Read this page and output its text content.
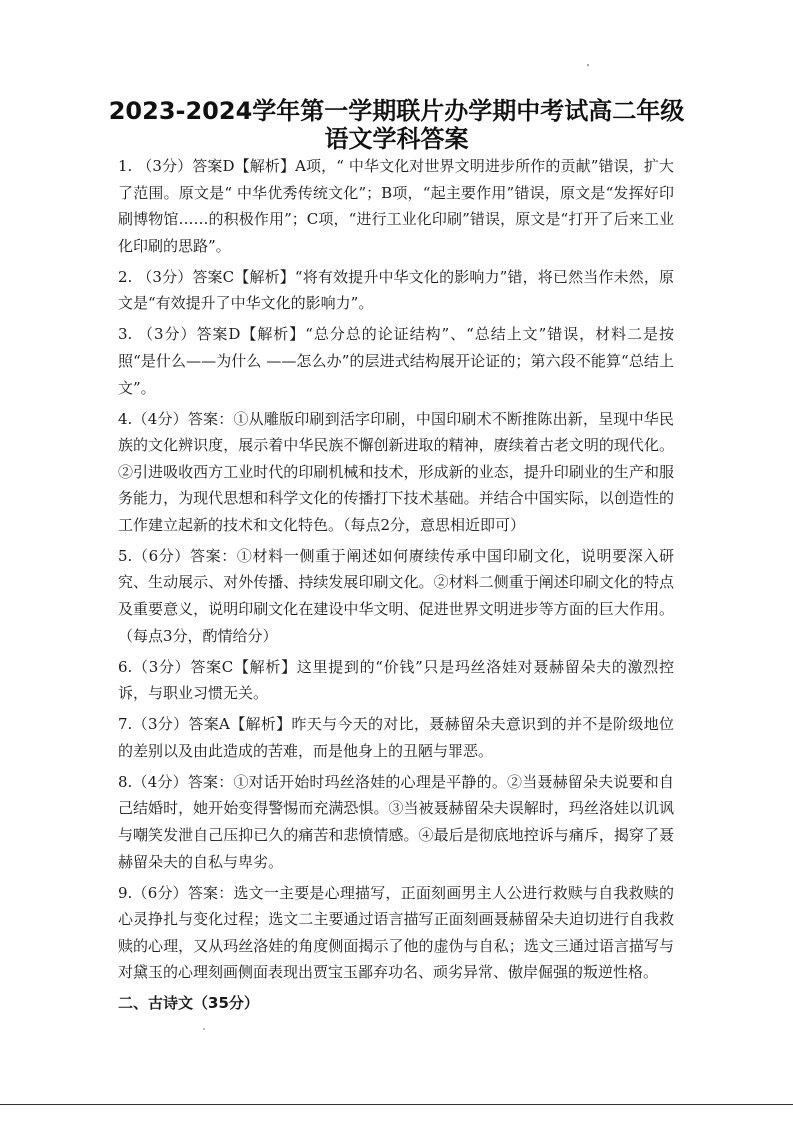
2023-2024学年第一学期联片办学期中考试高二年级
语文学科答案

1. （3分）答案D【解析】A项，“ 中华文化对世界文明进步所作的贡献”错误，扩大了范围。原文是“ 中华优秀传统文化”；B项，“起主要作用”错误，原文是“发挥好印刷博物馆……的积极作用”；C项，“进行工业化印刷”错误，原文是“打开了后来工业化印刷的思路”。

2. （3分）答案C【解析】“将有效提升中华文化的影响力”错，将已然当作未然，原文是“有效提升了中华文化的影响力”。

3. （3分）答案D【解析】“总分总的论证结构”、“总结上文”错误，材料二是按照“是什么——为什么 ——怎么办”的层进式结构展开论证的；第六段不能算“总结上文”。

4.（4分）答案：①从雕版印刷到活字印刷，中国印刷术不断推陈出新，呈现中华民族的文化辨识度，展示着中华民族不懈创新进取的精神，赓续着古老文明的现代化。②引进吸收西方工业时代的印刷机械和技术，形成新的业态，提升印刷业的生产和服务能力，为现代思想和科学文化的传播打下技术基础。并结合中国实际，以创造性的工作建立起新的技术和文化特色。（每点2分，意思相近即可）

5.（6分）答案：①材料一侧重于阐述如何赓续传承中国印刷文化，说明要深入研究、生动展示、对外传播、持续发展印刷文化。②材料二侧重于阐述印刷文化的特点及重要意义，说明印刷文化在建设中华文明、促进世界文明进步等方面的巨大作用。（每点3分，酌情给分）

6.（3分）答案C【解析】这里提到的“价钱”只是玛丝洛娃对聂赫留朵夫的激烈控诉，与职业习惯无关。

7.（3分）答案A【解析】昨天与今天的对比，聂赫留朵夫意识到的并不是阶级地位的差别以及由此造成的苦难，而是他身上的丑陋与罪恶。

8.（4分）答案：①对话开始时玛丝洛娃的心理是平静的。②当聂赫留朵夫说要和自己结婚时，她开始变得警惕而充满恐惧。③当被聂赫留朵夫误解时，玛丝洛娃以讥讽与嘲笑发泄自己压抑已久的痛苦和悲愤情感。④最后是彻底地控诉与痛斥，揭穿了聂赫留朵夫的自私与卑劣。

9.（6分）答案：选文一主要是心理描写，正面刻画男主人公进行救赎与自我救赎的心灵挣扎与变化过程；选文二主要通过语言描写正面刻画聂赫留朵夫迫切进行自我救赎的心理，又从玛丝洛娃的角度侧面揭示了他的虚伪与自私；选文三通过语言描写与对黛玉的心理刻画侧面表现出贾宝玉鄙弃功名、顽劣异常、傲岸倔强的叛逆性格。

二、古诗文（35分）
